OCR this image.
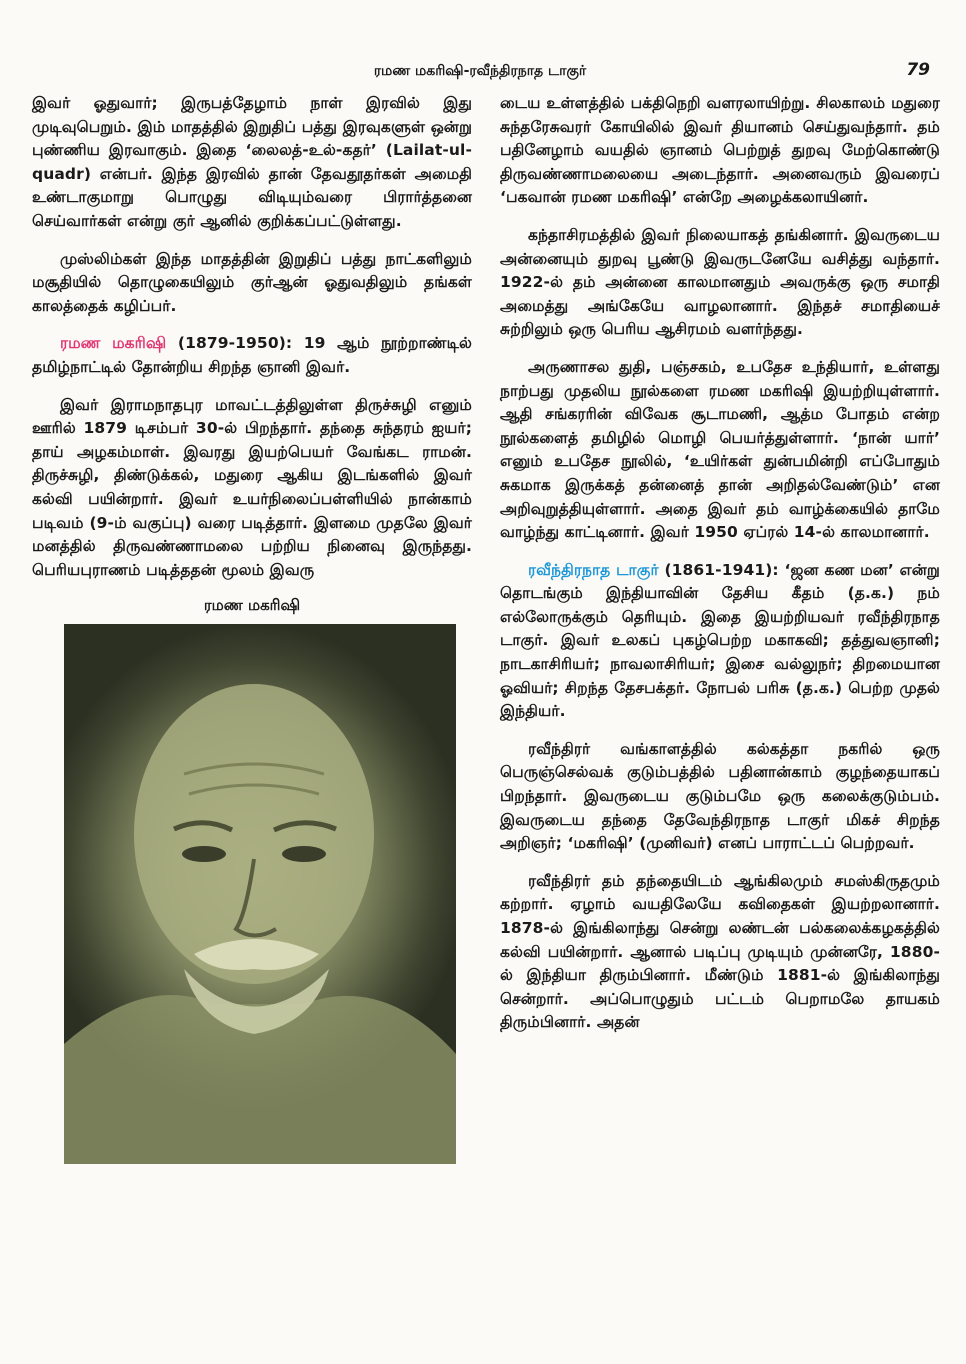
ரமண மகரிஷி-ரவீந்திரநாத டாகுர்	79

இவர் ஓதுவார்; இருபத்தேழாம் நாள் இரவில் இது முடிவுபெறும். இம் மாதத்தில் இறுதிப் பத்து இரவுகளுள் ஒன்று புண்ணிய இரவாகும். இதை ‘லைலத்-உல்-கதர்’ (Lailat-ul-quadr) என்பர். இந்த இரவில் தான் தேவதூதர்கள் அமைதி உண்டாகுமாறு பொழுது விடியும்வரை பிரார்த்தனை செய்வார்கள் என்று குர் ஆனில் குறிக்கப்பட்டுள்ளது.

முஸ்லிம்கள் இந்த மாதத்தின் இறுதிப் பத்து நாட்களிலும் மசூதியில் தொழுகையிலும் குர்ஆன் ஓதுவதிலும் தங்கள் காலத்தைக் கழிப்பர்.

ரமண மகரிஷி (1879-1950): 19 ஆம் நூற்றாண்டில் தமிழ்நாட்டில் தோன்றிய சிறந்த ஞானி இவர்.

இவர் இராமநாதபுர மாவட்டத்திலுள்ள திருச்சுழி எனும் ஊரில் 1879 டிசம்பர் 30-ல் பிறந்தார். தந்தை சுந்தரம் ஐயர்; தாய் அழகம்மாள். இவரது இயற்பெயர் வேங்கட ராமன். திருச்சுழி, திண்டுக்கல், மதுரை ஆகிய இடங்களில் இவர் கல்வி பயின்றார். இவர் உயர்நிலைப்பள்ளியில் நான்காம் படிவம் (9-ம் வகுப்பு) வரை படித்தார். இளமை முதலே இவர் மனத்தில் திருவண்ணாமலை பற்றிய நினைவு இருந்தது. பெரியபுராணம் படித்ததன் மூலம் இவரு

ரமண மகரிஷி

டைய உள்ளத்தில் பக்திநெறி வளரலாயிற்று. சிலகாலம் மதுரை சுந்தரேசுவரர் கோயிலில் இவர் தியானம் செய்துவந்தார். தம் பதினேழாம் வயதில் ஞானம் பெற்றுத் துறவு மேற்கொண்டு திருவண்ணாமலையை அடைந்தார். அனைவரும் இவரைப் ‘பகவான் ரமண மகரிஷி’ என்றே அழைக்கலாயினர்.

கந்தாசிரமத்தில் இவர் நிலையாகத் தங்கினார். இவருடைய அன்னையும் துறவு பூண்டு இவருடனேயே வசித்து வந்தார். 1922-ல் தம் அன்னை காலமானதும் அவருக்கு ஒரு சமாதி அமைத்து அங்கேயே வாழலானார். இந்தச் சமாதியைச் சுற்றிலும் ஒரு பெரிய ஆசிரமம் வளர்ந்தது.

அருணாசல துதி, பஞ்சகம், உபதேச உந்தியார், உள்ளது நாற்பது முதலிய நூல்களை ரமண மகரிஷி இயற்றியுள்ளார். ஆதி சங்கரரின் விவேக சூடாமணி, ஆத்ம போதம் என்ற நூல்களைத் தமிழில் மொழி பெயர்த்துள்ளார். ‘நான் யார்’ எனும் உபதேச நூலில், ‘உயிர்கள் துன்பமின்றி எப்போதும் சுகமாக இருக்கத் தன்னைத் தான் அறிதல்வேண்டும்’ என அறிவுறுத்தியுள்ளார். அதை இவர் தம் வாழ்க்கையில் தாமே வாழ்ந்து காட்டினார். இவர் 1950 ஏப்ரல் 14-ல் காலமானார்.

ரவீந்திரநாத டாகுர் (1861-1941): ‘ஜன கண மன’ என்று தொடங்கும் இந்தியாவின் தேசிய கீதம் (த.க.) நம் எல்லோருக்கும் தெரியும். இதை இயற்றியவர் ரவீந்திரநாத டாகுர். இவர் உலகப் புகழ்பெற்ற மகாகவி; தத்துவஞானி; நாடகாசிரியர்; நாவலாசிரியர்; இசை வல்லுநர்; திறமையான ஓவியர்; சிறந்த தேசபக்தர். நோபல் பரிசு (த.க.) பெற்ற முதல் இந்தியர்.

ரவீந்திரர் வங்காளத்தில் கல்கத்தா நகரில் ஒரு பெருஞ்செல்வக் குடும்பத்தில் பதினான்காம் குழந்தையாகப் பிறந்தார். இவருடைய குடும்பமே ஒரு கலைக்குடும்பம். இவருடைய தந்தை தேவேந்திரநாத டாகுர் மிகச் சிறந்த அறிஞர்; ‘மகரிஷி’ (முனிவர்) எனப் பாராட்டப் பெற்றவர்.

ரவீந்திரர் தம் தந்தையிடம் ஆங்கிலமும் சமஸ்கிருதமும் கற்றார். ஏழாம் வயதிலேயே கவிதைகள் இயற்றலானார். 1878-ல் இங்கிலாந்து சென்று லண்டன் பல்கலைக்கழகத்தில் கல்வி பயின்றார். ஆனால் படிப்பு முடியும் முன்னரே, 1880-ல் இந்தியா திரும்பினார். மீண்டும் 1881-ல் இங்கிலாந்து சென்றார். அப்பொழுதும் பட்டம் பெறாமலே தாயகம் திரும்பினார். அதன்
